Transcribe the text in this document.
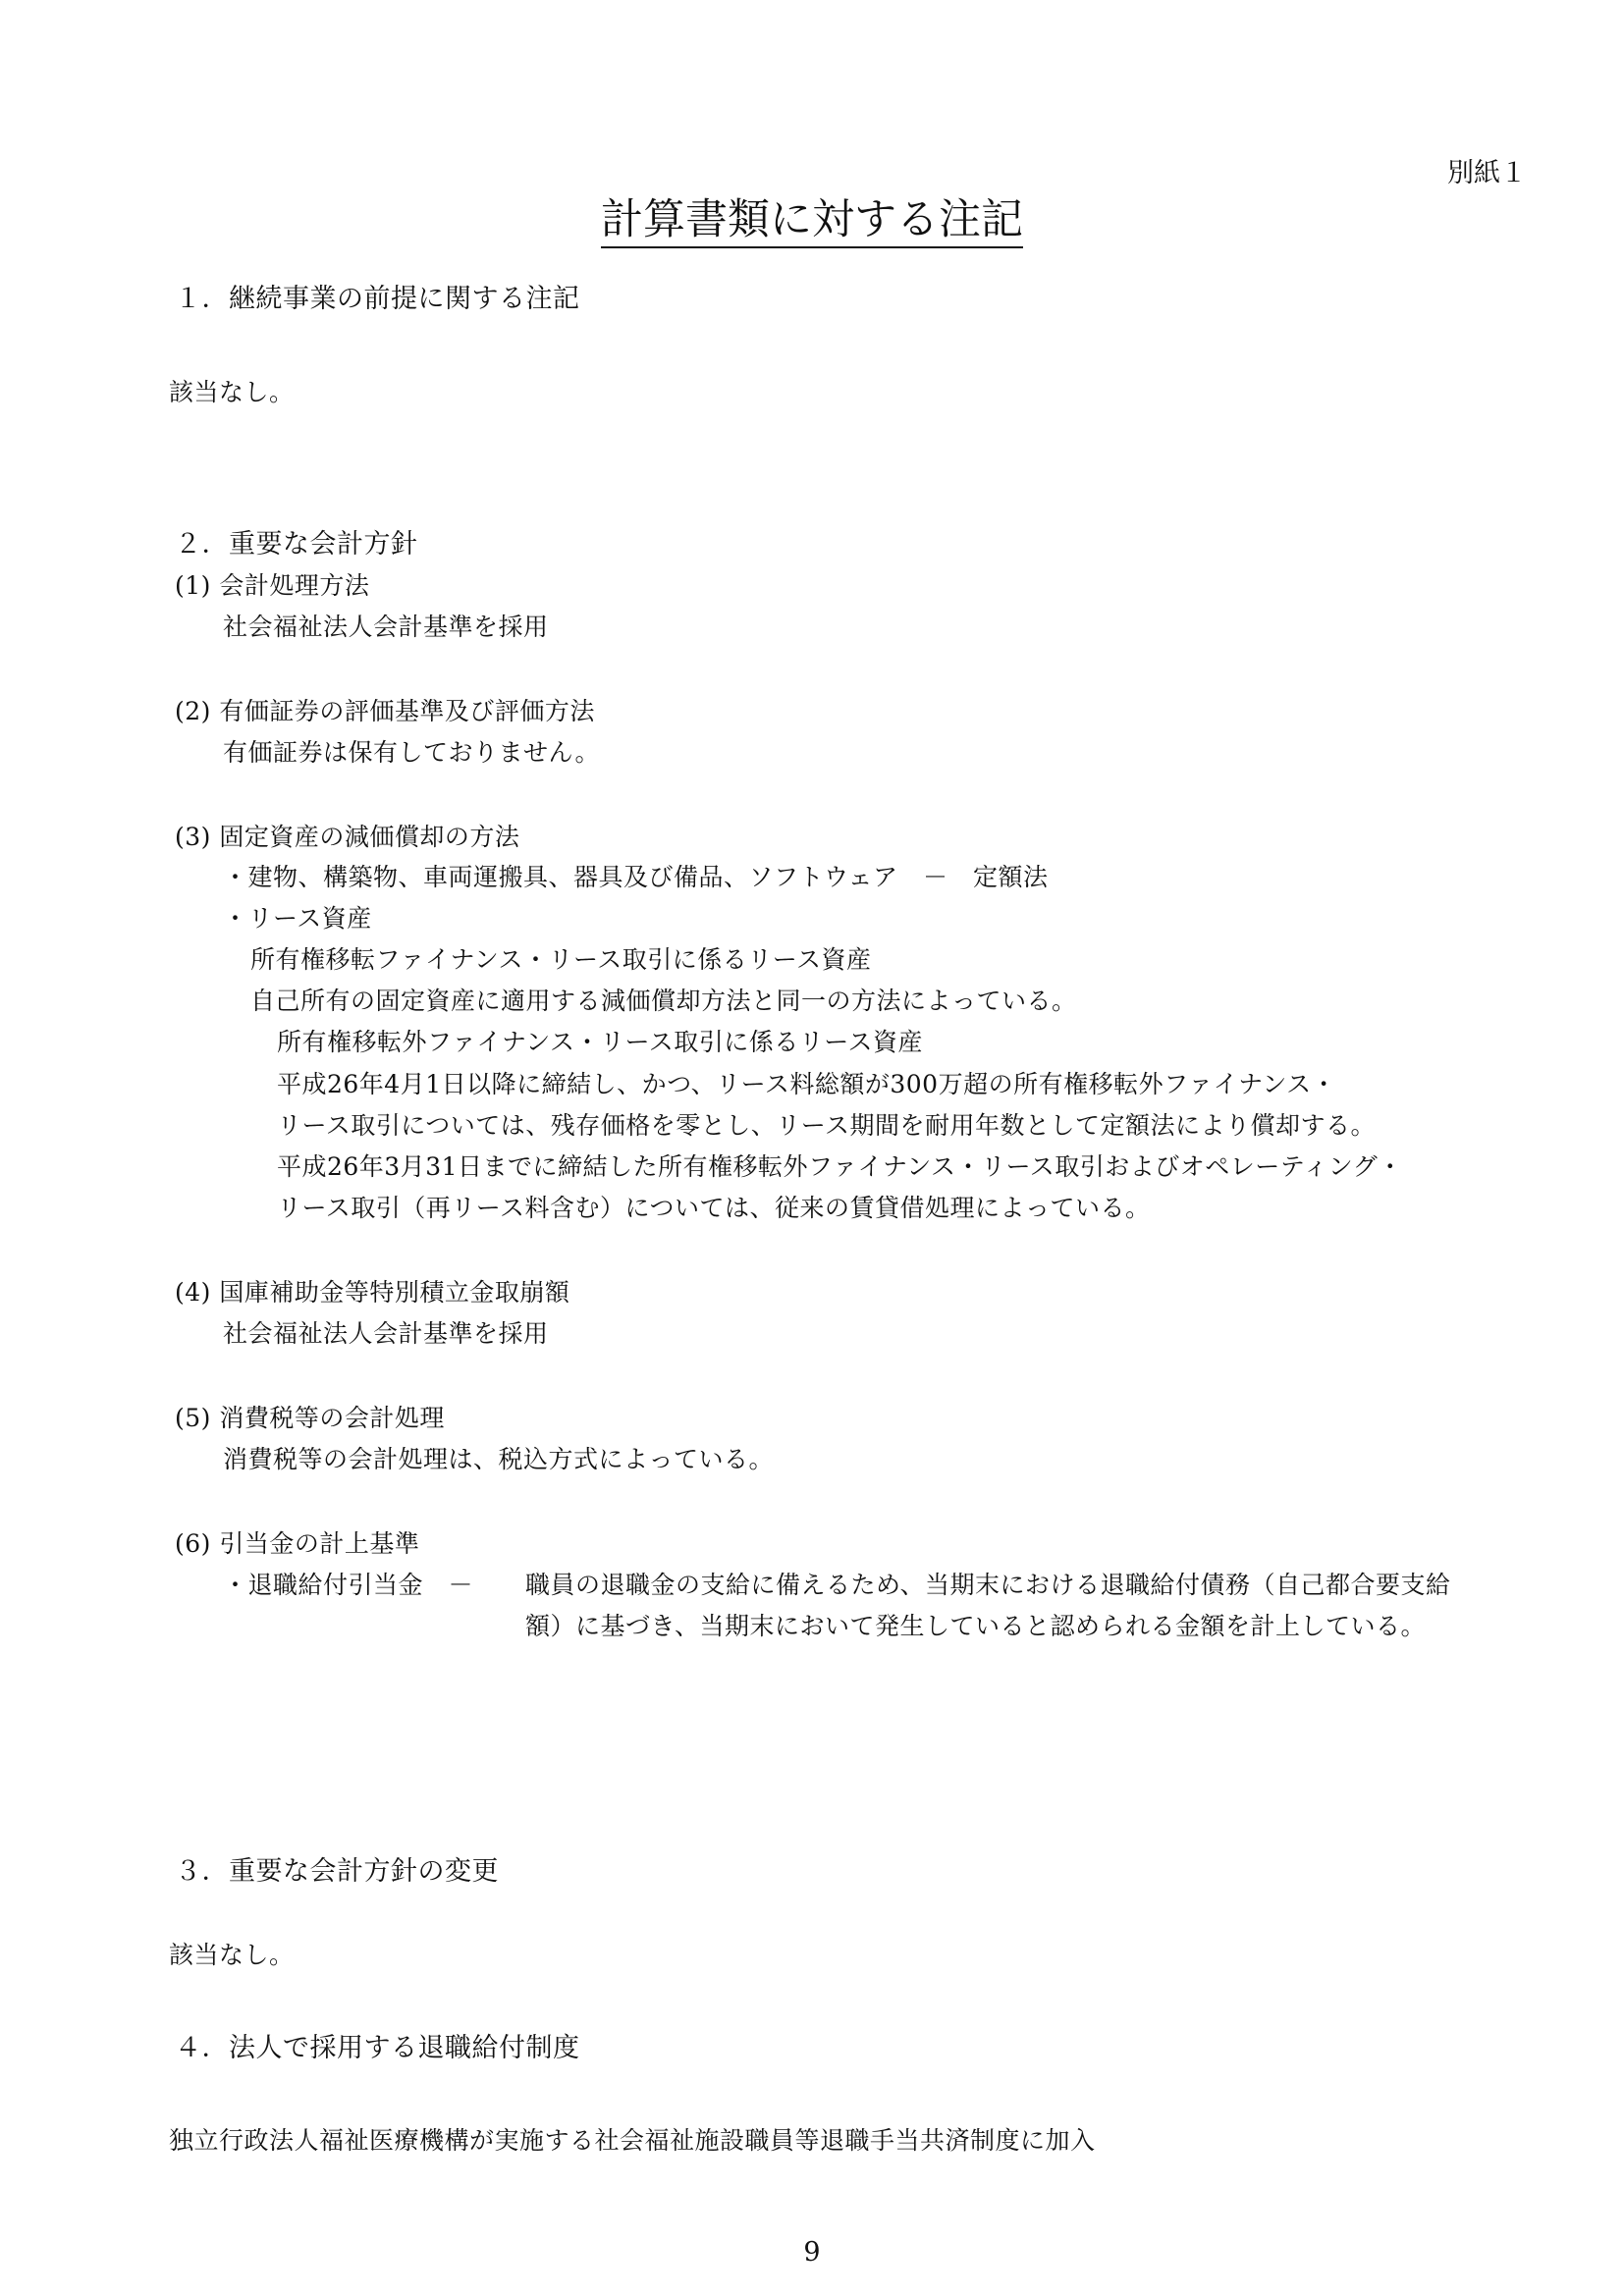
別紙１
計算書類に対する注記
１．継続事業の前提に関する注記
該当なし。
２．重要な会計方針
(1) 会計処理方法
社会福祉法人会計基準を採用
(2) 有価証券の評価基準及び評価方法
有価証券は保有しておりません。
(3) 固定資産の減価償却の方法
・建物、構築物、車両運搬具、器具及び備品、ソフトウェア　－　定額法
・リース資産
所有権移転ファイナンス・リース取引に係るリース資産
自己所有の固定資産に適用する減価償却方法と同一の方法によっている。
所有権移転外ファイナンス・リース取引に係るリース資産
平成26年4月1日以降に締結し、かつ、リース料総額が300万超の所有権移転外ファイナンス・
リース取引については、残存価格を零とし、リース期間を耐用年数として定額法により償却する。
平成26年3月31日までに締結した所有権移転外ファイナンス・リース取引およびオペレーティング・
リース取引（再リース料含む）については、従来の賃貸借処理によっている。
(4) 国庫補助金等特別積立金取崩額
社会福祉法人会計基準を採用
(5) 消費税等の会計処理
消費税等の会計処理は、税込方式によっている。
(6) 引当金の計上基準
・退職給付引当金　－ 職員の退職金の支給に備えるため、当期末における退職給付債務（自己都合要支給
額）に基づき、当期末において発生していると認められる金額を計上している。
３．重要な会計方針の変更
該当なし。
４．法人で採用する退職給付制度
独立行政法人福祉医療機構が実施する社会福祉施設職員等退職手当共済制度に加入
9
